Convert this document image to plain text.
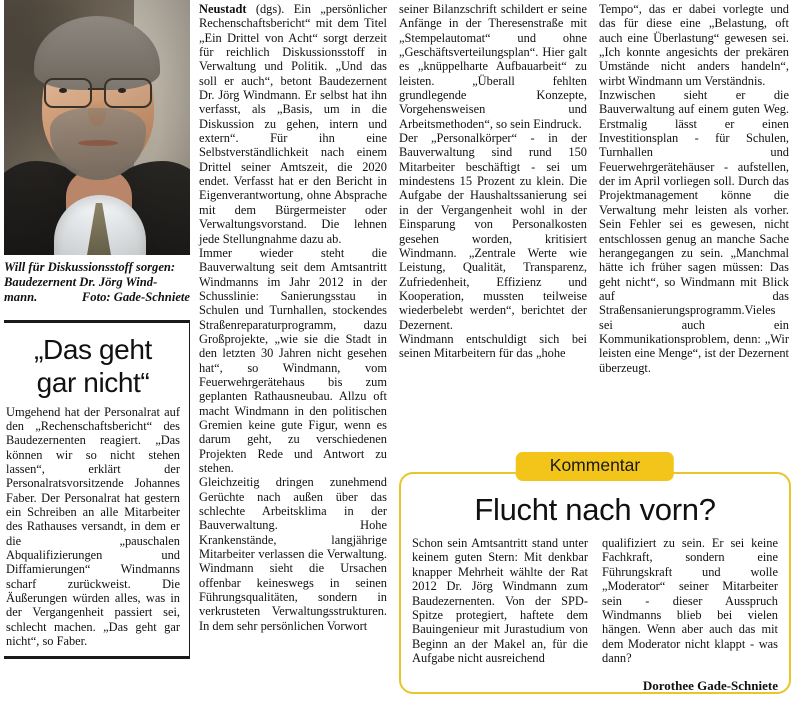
Will für Diskussionsstoff sorgen:
Baudezernent Dr. Jörg Wind-
mann.	Foto: Gade-Schniete
„Das geht
gar nicht“

Umgehend hat der Personalrat auf den „Rechenschaftsbericht“ des Baudezernenten reagiert. „Das können wir so nicht stehen lassen“, erklärt der Personalratsvorsitzende Johannes Faber. Der Personalrat hat gestern ein Schreiben an alle Mitarbeiter des Rathauses versandt, in dem er die „pauschalen Abqualifizierungen und Diffamierungen“ Windmanns scharf zurückweist. Die Äußerungen würden alles, was in der Vergangenheit passiert sei, schlecht machen. „Das geht gar nicht“, so Faber.

Neustadt (dgs). Ein „persönlicher Rechenschaftsbericht“ mit dem Titel „Ein Drittel von Acht“ sorgt derzeit für reichlich Diskussionsstoff in Verwaltung und Politik. „Und das soll er auch“, betont Baudezernent Dr. Jörg Windmann. Er selbst hat ihn verfasst, als „Basis, um in die Diskussion zu gehen, intern und extern“. Für ihn eine Selbstverständlichkeit nach einem Drittel seiner Amtszeit, die 2020 endet. Verfasst hat er den Bericht in Eigenverantwortung, ohne Absprache mit dem Bürgermeister oder Verwaltungsvorstand. Die lehnen jede Stellungnahme dazu ab.

Immer wieder steht die Bauverwaltung seit dem Amtsantritt Windmanns im Jahr 2012 in der Schusslinie: Sanierungsstau in Schulen und Turnhallen, stockendes Straßenreparaturprogramm, dazu Großprojekte, „wie sie die Stadt in den letzten 30 Jahren nicht gesehen hat“, so Windmann, vom Feuerwehrgerätehaus bis zum geplanten Rathausneubau. Allzu oft macht Windmann in den politischen Gremien keine gute Figur, wenn es darum geht, zu verschiedenen Projekten Rede und Antwort zu stehen.

Gleichzeitig dringen zunehmend Gerüchte nach außen über das schlechte Arbeitsklima in der Bauverwaltung. Hohe Krankenstände, langjährige Mitarbeiter verlassen die Verwaltung. Windmann sieht die Ursachen offenbar keineswegs in seinen Führungsqualitäten, sondern in verkrusteten Verwaltungsstrukturen. In dem sehr persönlichen Vorwort

seiner Bilanzschrift schildert er seine Anfänge in der Theresenstraße mit „Stempelautomat“ und ohne „Geschäftsverteilungsplan“. Hier galt es „knüppelharte Aufbauarbeit“ zu leisten. „Überall fehlten grundlegende Konzepte, Vorgehensweisen und Arbeitsmethoden“, so sein Eindruck.

Der „Personalkörper“ - in der Bauverwaltung sind rund 150 Mitarbeiter beschäftigt - sei um mindestens 15 Prozent zu klein. Die Aufgabe der Haushaltssanierung sei in der Vergangenheit wohl in der Einsparung von Personalkosten gesehen worden, kritisiert Windmann. „Zentrale Werte wie Leistung, Qualität, Transparenz, Zufriedenheit, Effizienz und Kooperation, mussten teilweise wiederbelebt werden“, berichtet der Dezernent.

Windmann entschuldigt sich bei seinen Mitarbeitern für das „hohe

Tempo“, das er dabei vorlegte und das für diese eine „Belastung, oft auch eine Überlastung“ gewesen sei. „Ich konnte angesichts der prekären Umstände nicht anders handeln“, wirbt Windmann um Verständnis.

Inzwischen sieht er die Bauverwaltung auf einem guten Weg. Erstmalig lässt er einen Investitionsplan - für Schulen, Turnhallen und Feuerwehrgerätehäuser - aufstellen, der im April vorliegen soll. Durch das Projektmanagement könne die Verwaltung mehr leisten als vorher. Sein Fehler sei es gewesen, nicht entschlossen genug an manche Sache herangegangen zu sein. „Manchmal hätte ich früher sagen müssen: Das geht nicht“, so Windmann mit Blick auf das Straßensanierungsprogramm.Vieles sei auch ein Kommunikationsproblem, denn: „Wir leisten eine Menge“, ist der Dezernent überzeugt.

Kommentar
Flucht nach vorn?
Schon sein Amtsantritt stand unter keinem guten Stern: Mit denkbar knapper Mehrheit wählte der Rat 2012 Dr. Jörg Windmann zum Baudezernenten. Von der SPD-Spitze protegiert, haftete dem Bauingenieur mit Jurastudium von Beginn an der Makel an, für die Aufgabe nicht ausreichend
qualifiziert zu sein. Er sei keine Fachkraft, sondern eine Führungskraft und wolle „Moderator“ seiner Mitarbeiter sein - dieser Ausspruch Windmanns blieb bei vielen hängen. Wenn aber auch das mit dem Moderator nicht klappt - was dann?
Dorothee Gade-Schniete
